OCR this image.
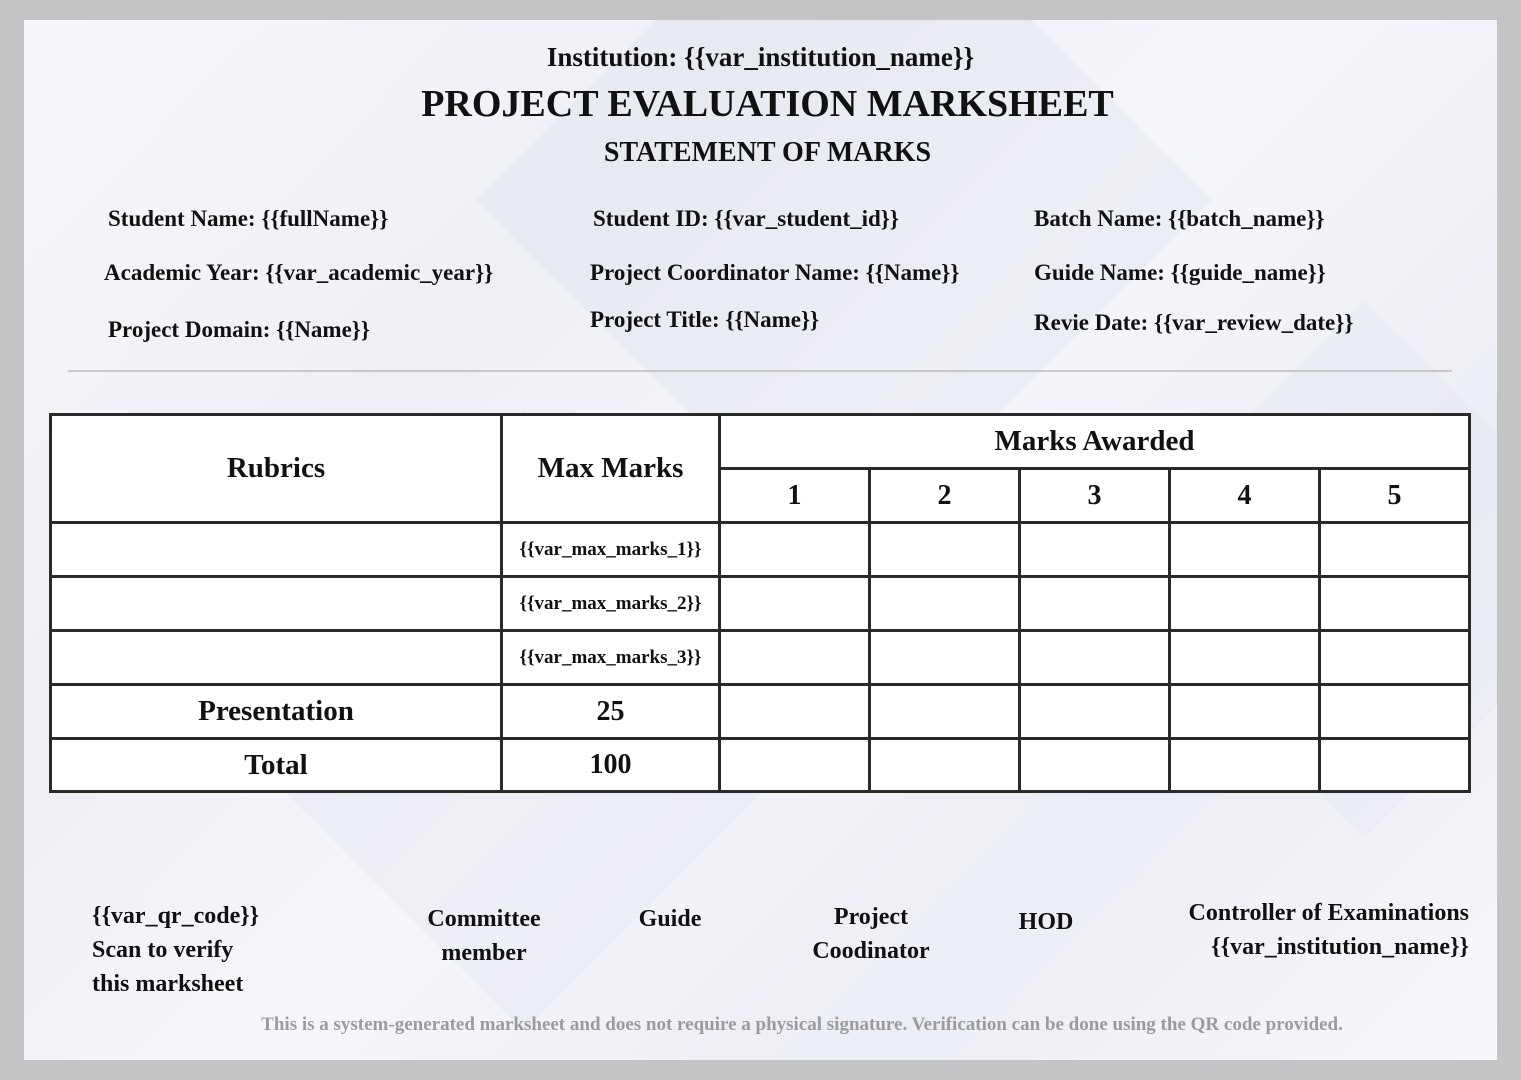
Institution: {{var_institution_name}}
PROJECT EVALUATION MARKSHEET
STATEMENT OF MARKS
Student Name: {{fullName}}	Student ID: {{var_student_id}}	Batch Name: {{batch_name}}
Academic Year: {{var_academic_year}}	Project Coordinator Name: {{Name}}	Guide Name: {{guide_name}}
Project Domain: {{Name}}	Project Title: {{Name}}	Revie Date: {{var_review_date}}
Rubrics	Max Marks	Marks Awarded				
		1	2	3	4	5
	{{var_max_marks_1}}					
	{{var_max_marks_2}}					
	{{var_max_marks_3}}					
Presentation	25					
Total	100					
{{var_qr_code}}
Scan to verify
this marksheet
Committee
member
Guide	Project
Coodinator
HOD	Controller of Examinations
{{var_institution_name}}
This is a system-generated marksheet and does not require a physical signature. Verification can be done using the QR code provided.
